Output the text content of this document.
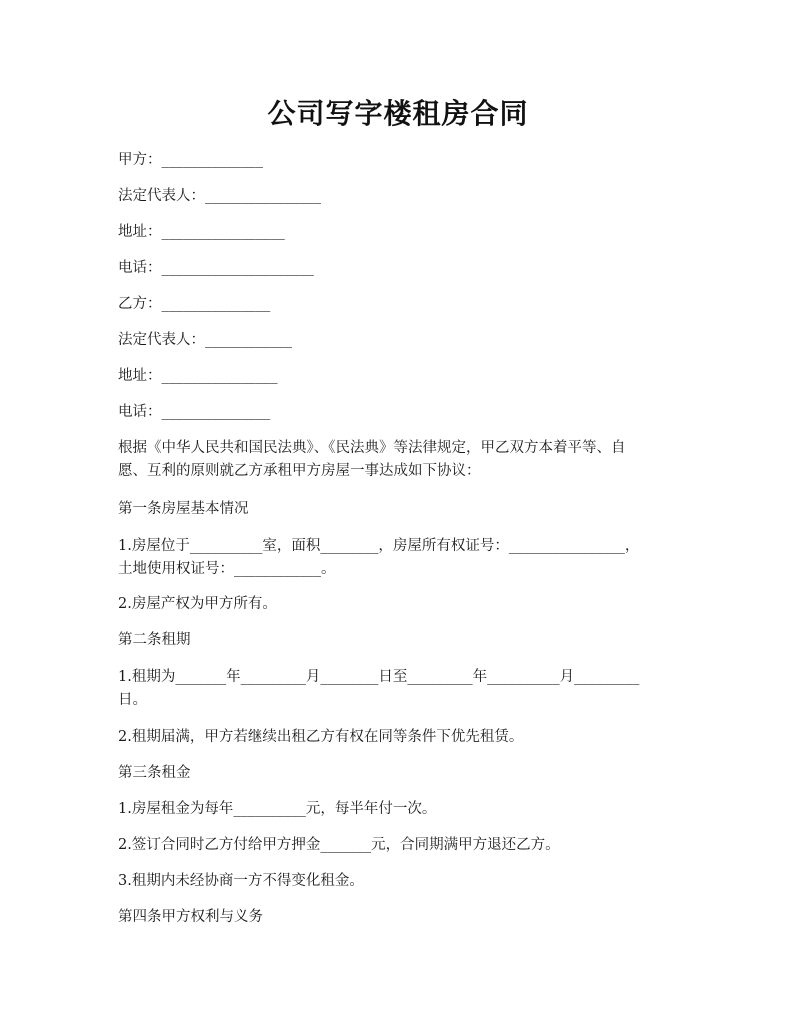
公司写字楼租房合同
甲方：______________
法定代表人：________________
地址：_________________
电话：_____________________
乙方：_______________
法定代表人：____________
地址：________________
电话：_______________
根据《中华人民共和国民法典》、《民法典》等法律规定，甲乙双方本着平等、自
愿、互利的原则就乙方承租甲方房屋一事达成如下协议：
第一条房屋基本情况
1.房屋位于__________室，面积________，房屋所有权证号：________________，
土地使用权证号：____________。
2.房屋产权为甲方所有。
第二条租期
1.租期为_______年_________月________日至_________年__________月_________
日。
2.租期届满，甲方若继续出租乙方有权在同等条件下优先租赁。
第三条租金
1.房屋租金为每年__________元，每半年付一次。
2.签订合同时乙方付给甲方押金_______元，合同期满甲方退还乙方。
3.租期内未经协商一方不得变化租金。
第四条甲方权利与义务
